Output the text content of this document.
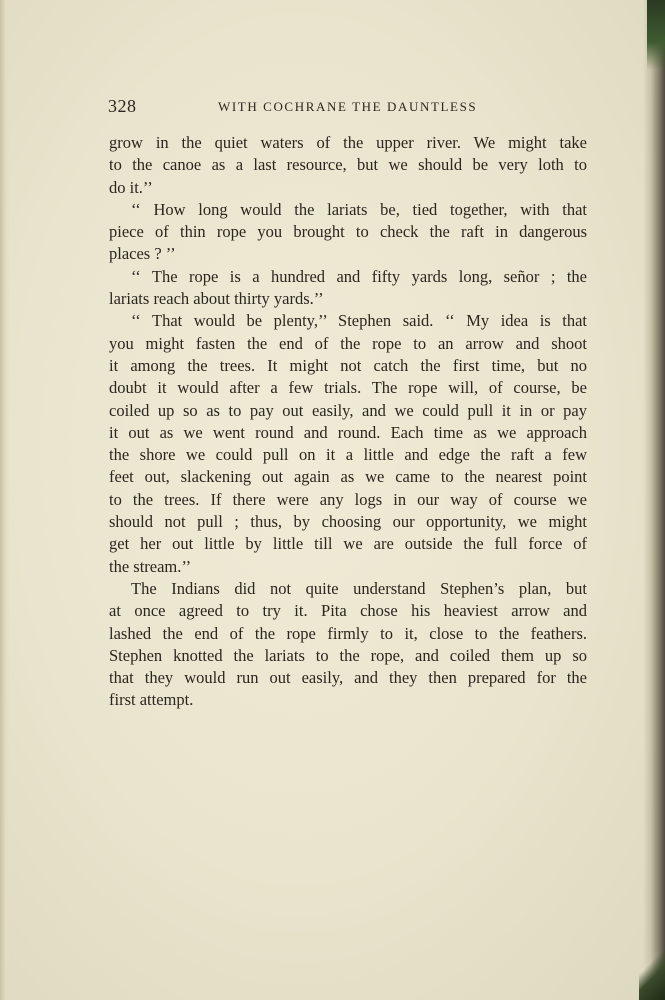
328	WITH COCHRANE THE DAUNTLESS
grow in the quiet waters of the upper river. We might take
to the canoe as a last resource, but we should be very loth to
do it.’’
‘‘ How long would the lariats be, tied together, with that
piece of thin rope you brought to check the raft in dangerous
places ? ’’
‘‘ The rope is a hundred and fifty yards long, señor ; the
lariats reach about thirty yards.’’
‘‘ That would be plenty,’’ Stephen said. ‘‘ My idea is that
you might fasten the end of the rope to an arrow and shoot
it among the trees. It might not catch the first time, but no
doubt it would after a few trials. The rope will, of course, be
coiled up so as to pay out easily, and we could pull it in or pay
it out as we went round and round. Each time as we approach
the shore we could pull on it a little and edge the raft a few
feet out, slackening out again as we came to the nearest point
to the trees. If there were any logs in our way of course we
should not pull ; thus, by choosing our opportunity, we might
get her out little by little till we are outside the full force of
the stream.’’
The Indians did not quite understand Stephen’s plan, but
at once agreed to try it. Pita chose his heaviest arrow and
lashed the end of the rope firmly to it, close to the feathers.
Stephen knotted the lariats to the rope, and coiled them up so
that they would run out easily, and they then prepared for the
first attempt.
